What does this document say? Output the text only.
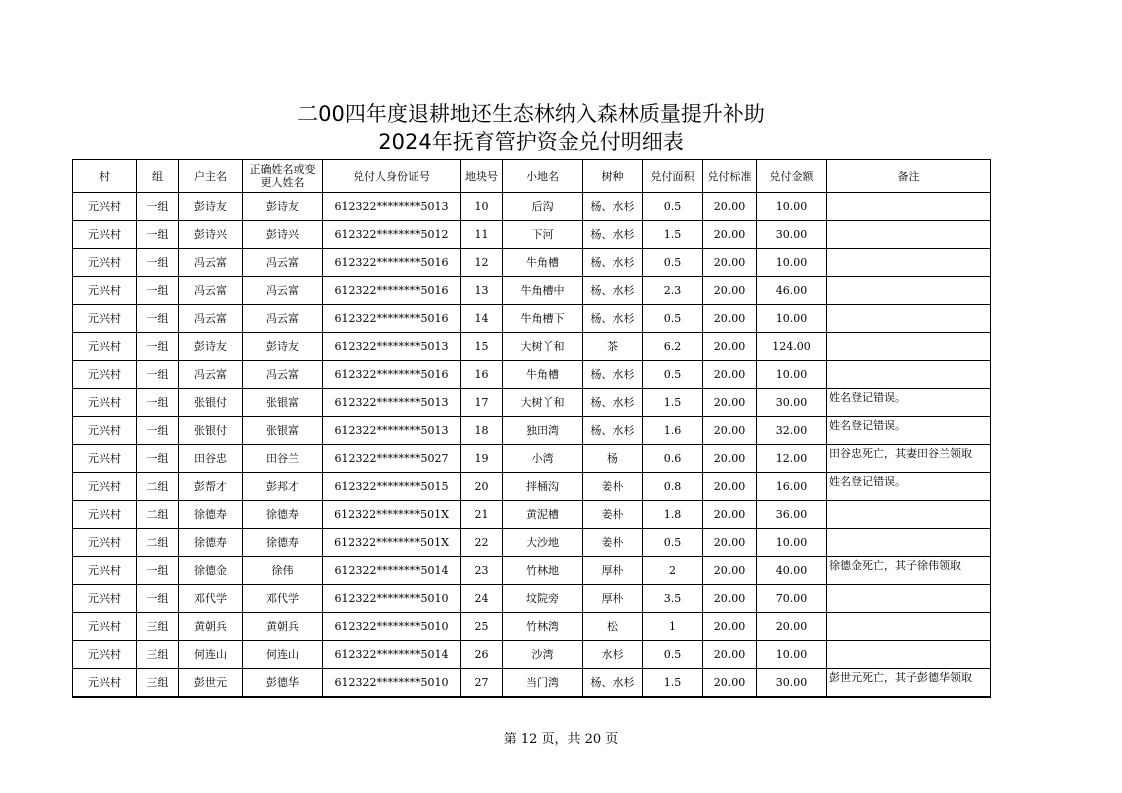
二00四年度退耕地还生态林纳入森林质量提升补助
2024年抚育管护资金兑付明细表
村	组	户主名	正确姓名或变更人姓名	兑付人身份证号	地块号	小地名	树种	兑付面积	兑付标准	兑付金额	备注
元兴村	一组	彭诗友	彭诗友	612322********5013	10	后沟	杨、水杉	0.5	20.00	10.00	
元兴村	一组	彭诗兴	彭诗兴	612322********5012	11	下河	杨、水杉	1.5	20.00	30.00	
元兴村	一组	冯云富	冯云富	612322********5016	12	牛角槽	杨、水杉	0.5	20.00	10.00	
元兴村	一组	冯云富	冯云富	612322********5016	13	牛角槽中	杨、水杉	2.3	20.00	46.00	
元兴村	一组	冯云富	冯云富	612322********5016	14	牛角槽下	杨、水杉	0.5	20.00	10.00	
元兴村	一组	彭诗友	彭诗友	612322********5013	15	大树丫和	茶	6.2	20.00	124.00	
元兴村	一组	冯云富	冯云富	612322********5016	16	牛角槽	杨、水杉	0.5	20.00	10.00	
元兴村	一组	张银付	张银富	612322********5013	17	大树丫和	杨、水杉	1.5	20.00	30.00	姓名登记错误。
元兴村	一组	张银付	张银富	612322********5013	18	独田湾	杨、水杉	1.6	20.00	32.00	姓名登记错误。
元兴村	一组	田谷忠	田谷兰	612322********5027	19	小湾	杨	0.6	20.00	12.00	田谷忠死亡，其妻田谷兰领取
元兴村	二组	彭帮才	彭邦才	612322********5015	20	拌桶沟	姜朴	0.8	20.00	16.00	姓名登记错误。
元兴村	二组	徐德寿	徐德寿	612322********501X	21	黄泥槽	姜朴	1.8	20.00	36.00	
元兴村	二组	徐德寿	徐德寿	612322********501X	22	大沙地	姜朴	0.5	20.00	10.00	
元兴村	一组	徐德金	徐伟	612322********5014	23	竹林地	厚朴	2	20.00	40.00	徐德金死亡，其子徐伟领取
元兴村	一组	邓代学	邓代学	612322********5010	24	坟院旁	厚朴	3.5	20.00	70.00	
元兴村	三组	黄朝兵	黄朝兵	612322********5010	25	竹林湾	松	1	20.00	20.00	
元兴村	三组	何连山	何连山	612322********5014	26	沙湾	水杉	0.5	20.00	10.00	
元兴村	三组	彭世元	彭德华	612322********5010	27	当门湾	杨、水杉	1.5	20.00	30.00	彭世元死亡，其子彭德华领取
第 12 页，共 20 页
